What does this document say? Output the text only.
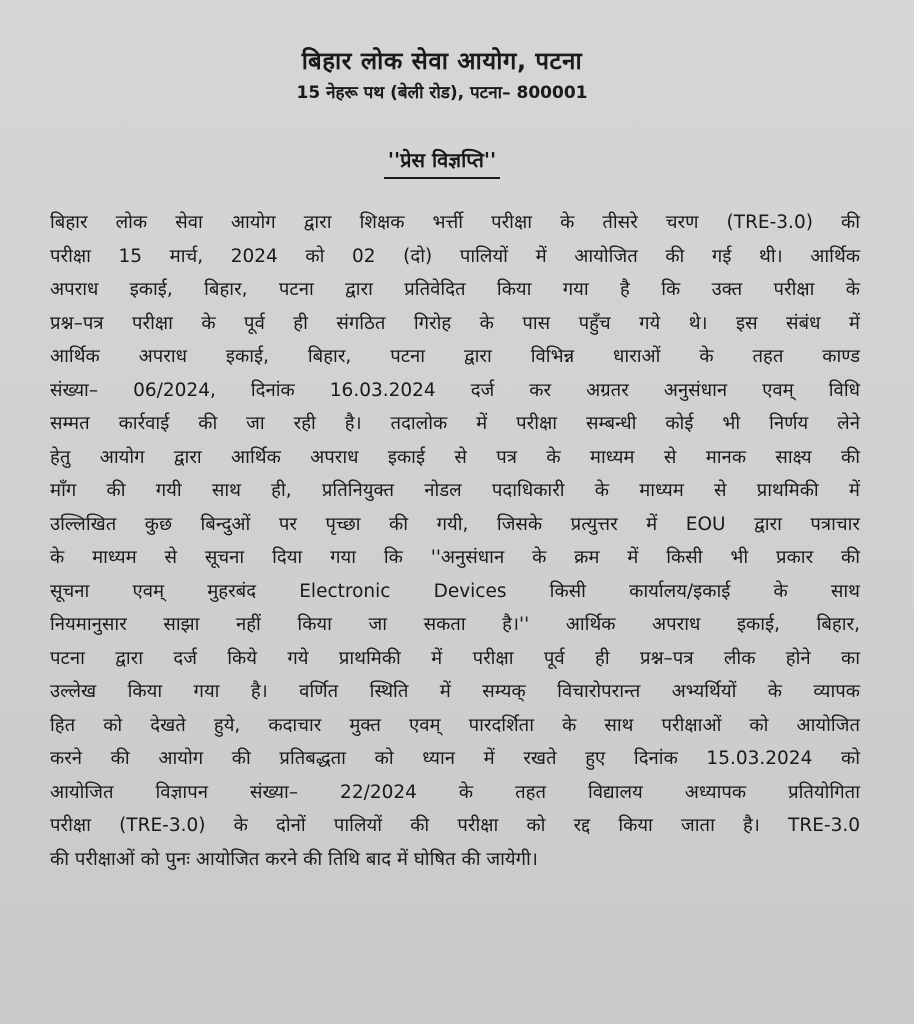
बिहार लोक सेवा आयोग, पटना
15 नेहरू पथ (बेली रोड), पटना– 800001
''प्रेस विज्ञप्ति''
बिहार लोक सेवा आयोग द्वारा शिक्षक भर्त्ती परीक्षा के तीसरे चरण (TRE-3.0) की
परीक्षा 15 मार्च, 2024 को 02 (दो) पालियों में आयोजित की गई थी। आर्थिक
अपराध इकाई, बिहार, पटना द्वारा प्रतिवेदित किया गया है कि उक्त परीक्षा के
प्रश्न–पत्र परीक्षा के पूर्व ही संगठित गिरोह के पास पहुँच गये थे। इस संबंध में
आर्थिक अपराध इकाई, बिहार, पटना द्वारा विभिन्न धाराओं के तहत काण्ड
संख्या– 06/2024, दिनांक 16.03.2024 दर्ज कर अग्रतर अनुसंधान एवम् विधि
सम्मत कार्रवाई की जा रही है। तदालोक में परीक्षा सम्बन्धी कोई भी निर्णय लेने
हेतु आयोग द्वारा आर्थिक अपराध इकाई से पत्र के माध्यम से मानक साक्ष्य की
माँग की गयी साथ ही, प्रतिनियुक्त नोडल पदाधिकारी के माध्यम से प्राथमिकी में
उल्लिखित कुछ बिन्दुओं पर पृच्छा की गयी, जिसके प्रत्युत्तर में EOU द्वारा पत्राचार
के माध्यम से सूचना दिया गया कि ''अनुसंधान के क्रम में किसी भी प्रकार की
सूचना एवम् मुहरबंद Electronic Devices किसी कार्यालय/इकाई के साथ
नियमानुसार साझा नहीं किया जा सकता है।'' आर्थिक अपराध इकाई, बिहार,
पटना द्वारा दर्ज किये गये प्राथमिकी में परीक्षा पूर्व ही प्रश्न–पत्र लीक होने का
उल्लेख किया गया है। वर्णित स्थिति में सम्यक् विचारोपरान्त अभ्यर्थियों के व्यापक
हित को देखते हुये, कदाचार मुक्त एवम् पारदर्शिता के साथ परीक्षाओं को आयोजित
करने की आयोग की प्रतिबद्धता को ध्यान में रखते हुए दिनांक 15.03.2024 को
आयोजित विज्ञापन संख्या– 22/2024 के तहत विद्यालय अध्यापक प्रतियोगिता
परीक्षा (TRE-3.0) के दोनों पालियों की परीक्षा को रद्द किया जाता है। TRE-3.0
की परीक्षाओं को पुनः आयोजित करने की तिथि बाद में घोषित की जायेगी।
